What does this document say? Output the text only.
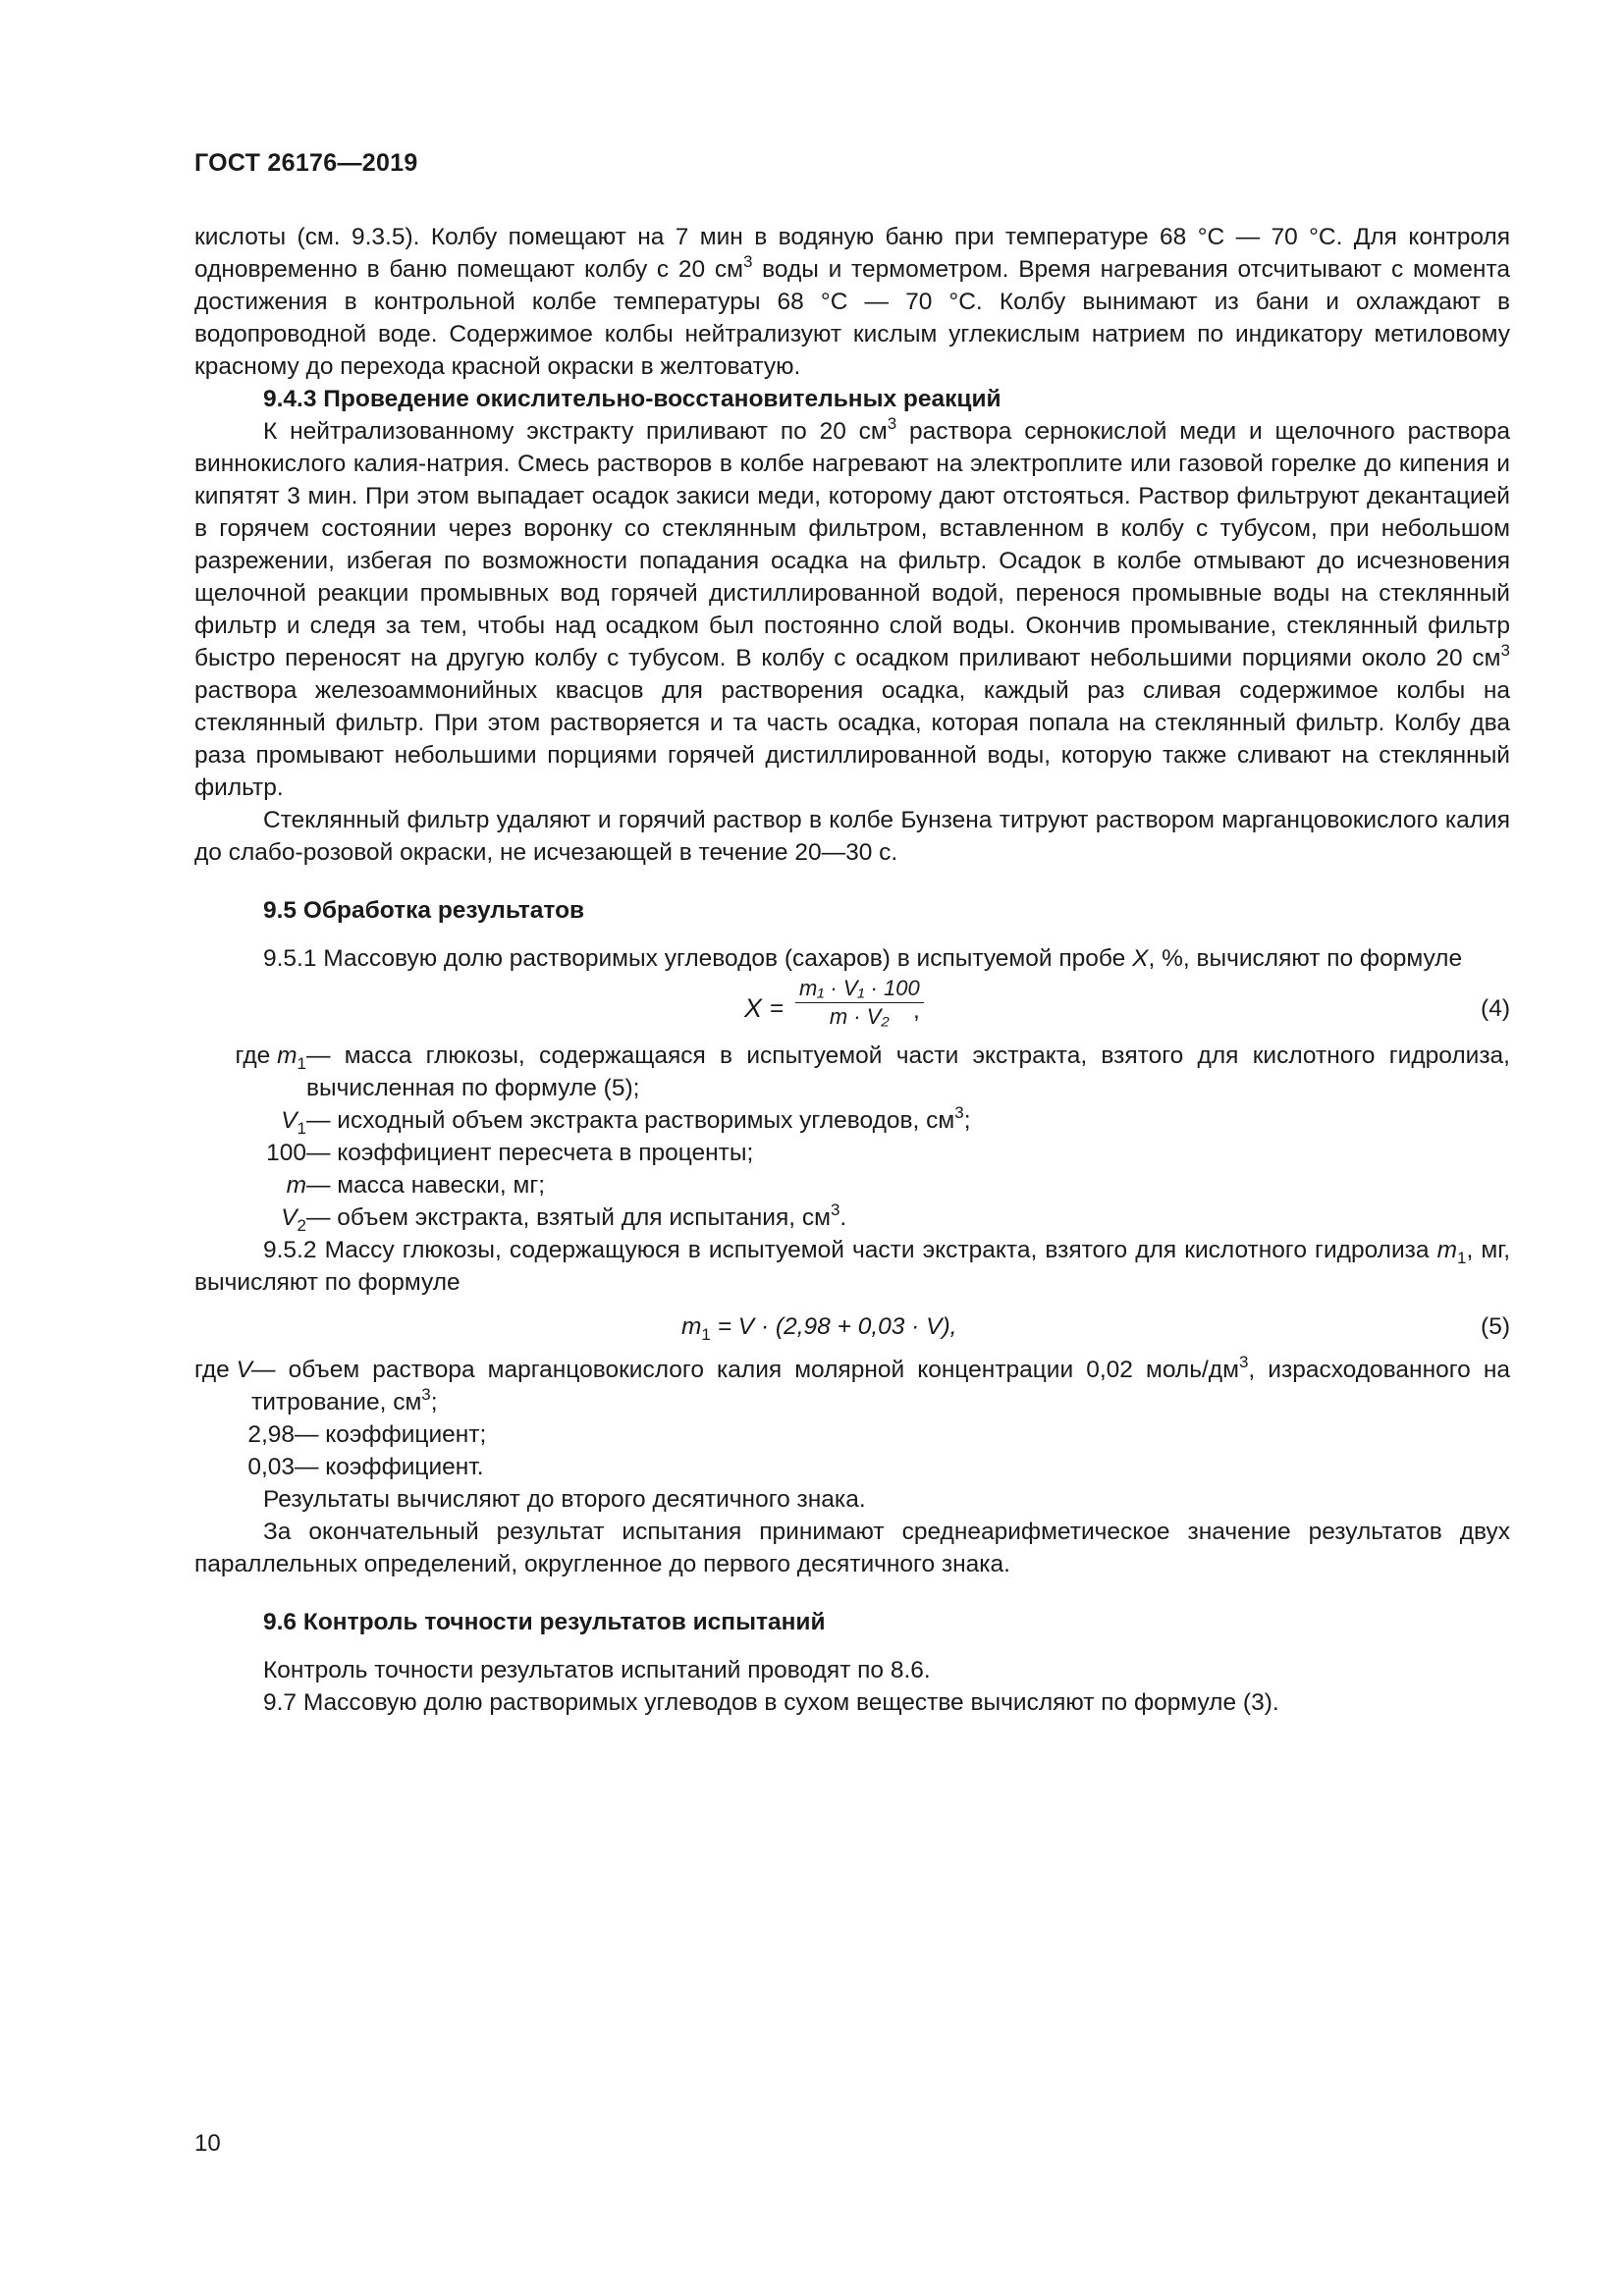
ГОСТ 26176—2019

кислоты (см. 9.3.5). Колбу помещают на 7 мин в водяную баню при температуре 68 °С — 70 °С. Для контроля одновременно в баню помещают колбу с 20 $см^3$ воды и термометром. Время нагревания отсчитывают с момента достижения в контрольной колбе температуры 68 °С — 70 °С. Колбу вынимают из бани и охлаждают в водопроводной воде. Содержимое колбы нейтрализуют кислым углекислым натрием по индикатору метиловому красному до перехода красной окраски в желтоватую.

9.4.3 Проведение окислительно-восстановительных реакций

К нейтрализованному экстракту приливают по 20 $см^3$ раствора сернокислой меди и щелочного раствора виннокислого калия-натрия. Смесь растворов в колбе нагревают на электроплите или газовой горелке до кипения и кипятят 3 мин. При этом выпадает осадок закиси меди, которому дают отстояться. Раствор фильтруют декантацией в горячем состоянии через воронку со стеклянным фильтром, вставленном в колбу с тубусом, при небольшом разрежении, избегая по возможности попадания осадка на фильтр. Осадок в колбе отмывают до исчезновения щелочной реакции промывных вод горячей дистиллированной водой, перенося промывные воды на стеклянный фильтр и следя за тем, чтобы над осадком был постоянно слой воды. Окончив промывание, стеклянный фильтр быстро переносят на другую колбу с тубусом. В колбу с осадком приливают небольшими порциями около 20 $см^3$ раствора железоаммонийных квасцов для растворения осадка, каждый раз сливая содержимое колбы на стеклянный фильтр. При этом растворяется и та часть осадка, которая попала на стеклянный фильтр. Колбу два раза промывают небольшими порциями горячей дистиллированной воды, которую также сливают на стеклянный фильтр.

Стеклянный фильтр удаляют и горячий раствор в колбе Бунзена титруют раствором марганцовокислого калия до слабо-розовой окраски, не исчезающей в течение 20—30 с.

9.5 Обработка результатов

9.5.1 Массовую долю растворимых углеводов (сахаров) в испытуемой пробе X, %, вычисляют по формуле

$X = \frac{\text{m₁ · V₁ · 100}}{\text{m · V₂}}$
,	(4)
где $m_1$ — масса глюкозы, содержащаяся в испытуемой части экстракта, взятого для кислотного гидролиза, вычисленная по формуле (5);
$V_1$ — исходный объем экстракта растворимых углеводов, $см^3$;
100 — коэффициент пересчета в проценты;
m — масса навески, мг;
$V_2$ — объем экстракта, взятый для испытания, $см^3$.

9.5.2 Массу глюкозы, содержащуюся в испытуемой части экстракта, взятого для кислотного гидролиза $m_1$, мг, вычисляют по формуле

$m_1 = V \cdot (2,98 + 0,03 \cdot V)$,	(5)
где V — объем раствора марганцовокислого калия молярной концентрации 0,02 моль/$дм^3$, израсходованного на титрование, $см^3$;
2,98 — коэффициент;
0,03 — коэффициент.

Результаты вычисляют до второго десятичного знака.

За окончательный результат испытания принимают среднеарифметическое значение результатов двух параллельных определений, округленное до первого десятичного знака.

9.6 Контроль точности результатов испытаний

Контроль точности результатов испытаний проводят по 8.6.

9.7 Массовую долю растворимых углеводов в сухом веществе вычисляют по формуле (3).

10
